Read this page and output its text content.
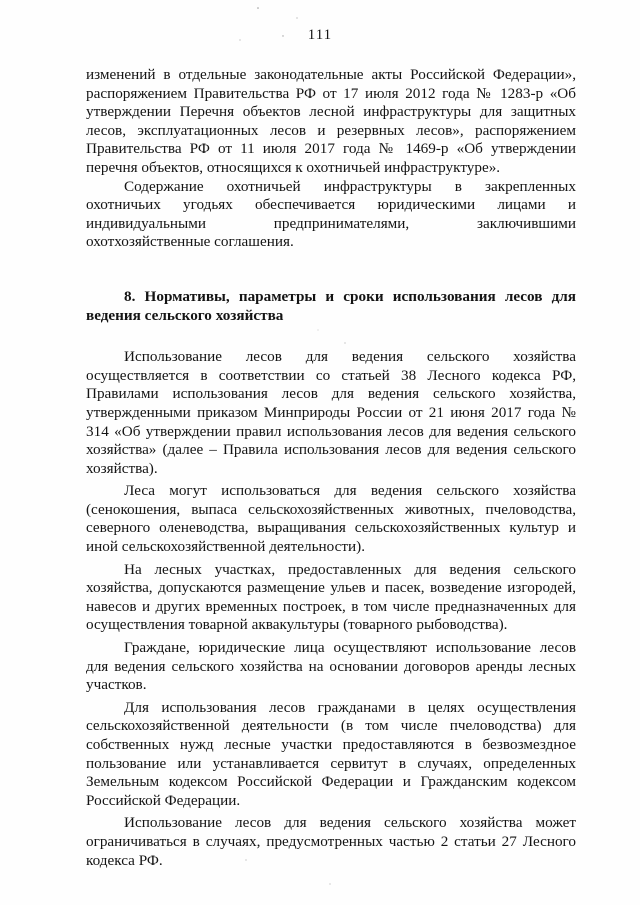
111

изменений в отдельные законодательные акты Российской Федерации», распоряжением Правительства РФ от 17 июля 2012 года № 1283-р «Об утверждении Перечня объектов лесной инфраструктуры для защитных лесов, эксплуатационных лесов и резервных лесов», распоряжением Правительства РФ от 11 июля 2017 года № 1469-р «Об утверждении перечня объектов, относящихся к охотничьей инфраструктуре».

Содержание охотничьей инфраструктуры в закрепленных охотничьих угодьях обеспечивается юридическими лицами и индивидуальными предпринимателями, заключившими охотхозяйственные соглашения.

8. Нормативы, параметры и сроки использования лесов для ведения сельского хозяйства

Использование лесов для ведения сельского хозяйства осуществляется в соответствии со статьей 38 Лесного кодекса РФ, Правилами использования лесов для ведения сельского хозяйства, утвержденными приказом Минприроды России от 21 июня 2017 года № 314 «Об утверждении правил использования лесов для ведения сельского хозяйства» (далее – Правила использования лесов для ведения сельского хозяйства).

Леса могут использоваться для ведения сельского хозяйства (сенокошения, выпаса сельскохозяйственных животных, пчеловодства, северного оленеводства, выращивания сельскохозяйственных культур и иной сельскохозяйственной деятельности).

На лесных участках, предоставленных для ведения сельского хозяйства, допускаются размещение ульев и пасек, возведение изгородей, навесов и других временных построек, в том числе предназначенных для осуществления товарной аквакультуры (товарного рыбоводства).

Граждане, юридические лица осуществляют использование лесов для ведения сельского хозяйства на основании договоров аренды лесных участков.

Для использования лесов гражданами в целях осуществления сельскохозяйственной деятельности (в том числе пчеловодства) для собственных нужд лесные участки предоставляются в безвозмездное пользование или устанавливается сервитут в случаях, определенных Земельным кодексом Российской Федерации и Гражданским кодексом Российской Федерации.

Использование лесов для ведения сельского хозяйства может ограничиваться в случаях, предусмотренных частью 2 статьи 27 Лесного кодекса РФ.
